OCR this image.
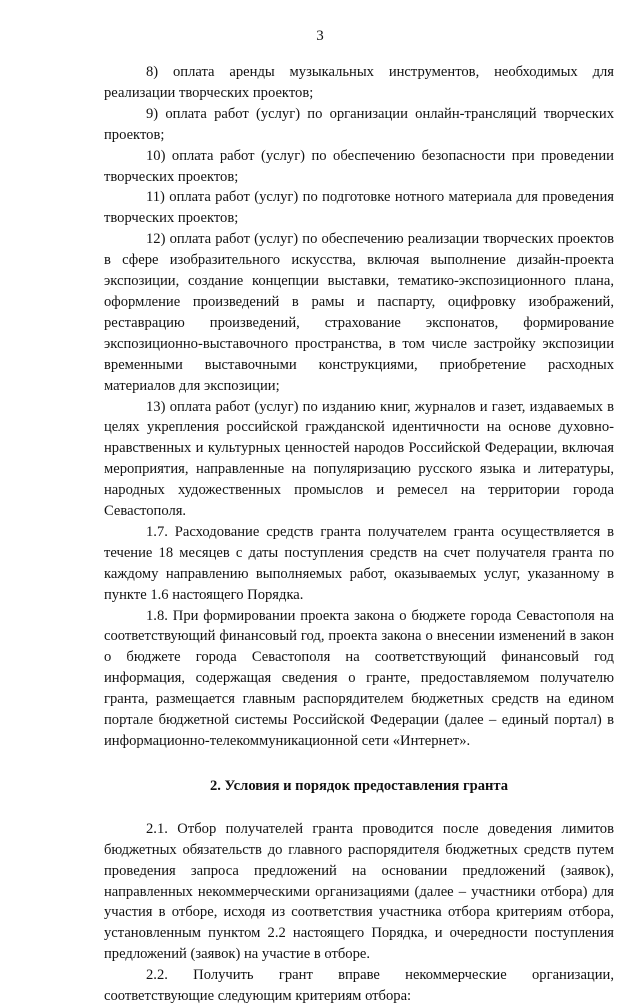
3

8) оплата аренды музыкальных инструментов, необходимых для реализации творческих проектов;

9) оплата работ (услуг) по организации онлайн-трансляций творческих проектов;

10) оплата работ (услуг) по обеспечению безопасности при проведении творческих проектов;

11) оплата работ (услуг) по подготовке нотного материала для проведения творческих проектов;

12) оплата работ (услуг) по обеспечению реализации творческих проектов в сфере изобразительного искусства, включая выполнение дизайн-проекта экспозиции, создание концепции выставки, тематико-экспозиционного плана, оформление произведений в рамы и паспарту, оцифровку изображений, реставрацию произведений, страхование экспонатов, формирование экспозиционно-выставочного пространства, в том числе застройку экспозиции временными выставочными конструкциями, приобретение расходных материалов для экспозиции;

13) оплата работ (услуг) по изданию книг, журналов и газет, издаваемых в целях укрепления российской гражданской идентичности на основе духовно-нравственных и культурных ценностей народов Российской Федерации, включая мероприятия, направленные на популяризацию русского языка и литературы, народных художественных промыслов и ремесел на территории города Севастополя.

1.7. Расходование средств гранта получателем гранта осуществляется в течение 18 месяцев с даты поступления средств на счет получателя гранта по каждому направлению выполняемых работ, оказываемых услуг, указанному в пункте 1.6 настоящего Порядка.

1.8. При формировании проекта закона о бюджете города Севастополя на соответствующий финансовый год, проекта закона о внесении изменений в закон о бюджете города Севастополя на соответствующий финансовый год информация, содержащая сведения о гранте, предоставляемом получателю гранта, размещается главным распорядителем бюджетных средств на едином портале бюджетной системы Российской Федерации (далее – единый портал) в информационно-телекоммуникационной сети «Интернет».

2. Условия и порядок предоставления гранта

2.1. Отбор получателей гранта проводится после доведения лимитов бюджетных обязательств до главного распорядителя бюджетных средств путем проведения запроса предложений на основании предложений (заявок), направленных некоммерческими организациями (далее – участники отбора) для участия в отборе, исходя из соответствия участника отбора критериям отбора, установленным пунктом 2.2 настоящего Порядка, и очередности поступления предложений (заявок) на участие в отборе.

2.2. Получить грант вправе некоммерческие организации, соответствующие следующим критериям отбора:
